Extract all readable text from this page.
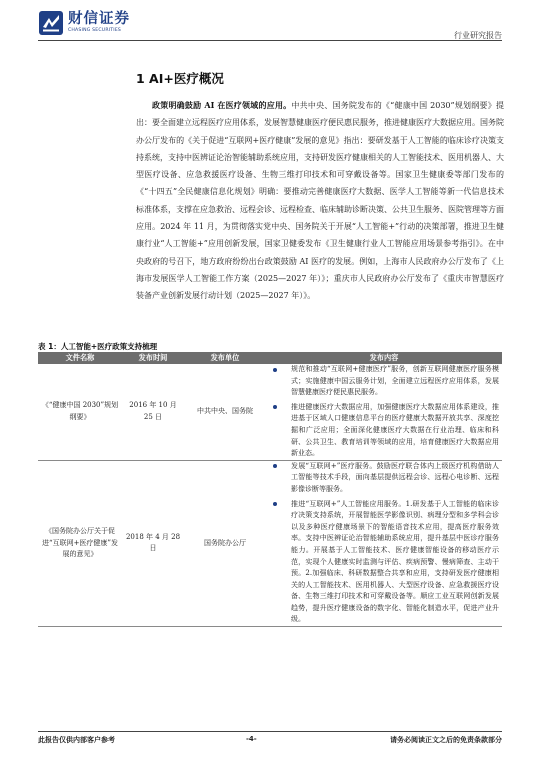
财信证券
CHASING SECURITIES
行业研究报告
1 AI+医疗概况

政策明确鼓励 AI 在医疗领域的应用。中共中央、国务院发布的《“健康中国 2030”规划纲要》提出：要全面建立远程医疗应用体系，发展智慧健康医疗便民惠民服务，推进健康医疗大数据应用。国务院办公厅发布的《关于促进“互联网+医疗健康”发展的意见》指出：要研发基于人工智能的临床诊疗决策支持系统，支持中医辨证论治智能辅助系统应用，支持研发医疗健康相关的人工智能技术、医用机器人、大型医疗设备、应急救援医疗设备、生物三维打印技术和可穿戴设备等。国家卫生健康委等部门发布的《“十四五”全民健康信息化规划》明确：要推动完善健康医疗大数据、医学人工智能等新一代信息技术标准体系，支撑在应急救治、远程会诊、远程检查、临床辅助诊断决策、公共卫生服务、医院管理等方面应用。2024 年 11 月，为贯彻落实党中央、国务院关于开展“人工智能+”行动的决策部署，推进卫生健康行业“人工智能+”应用创新发展，国家卫健委发布《卫生健康行业人工智能应用场景参考指引》。在中央政府的号召下，地方政府纷纷出台政策鼓励 AI 医疗的发展。例如，上海市人民政府办公厅发布了《上海市发展医学人工智能工作方案（2025—2027 年）》；重庆市人民政府办公厅发布了《重庆市智慧医疗装备产业创新发展行动计划（2025—2027 年）》。

表 1：人工智能+医疗政策支持梳理
文件名称	发布时间	发布单位	发布内容
《“健康中国 2030”规划纲要》	2016 年 10 月 25 日	中共中央、国务院	规范和推动“互联网+健康医疗”服务，创新互联网健康医疗服务模式；实施健康中国云服务计划，全面建立远程医疗应用体系，发展智慧健康医疗便民惠民服务。
推进健康医疗大数据应用，加强健康医疗大数据应用体系建设，推进基于区域人口健康信息平台的医疗健康大数据开放共享、深度挖掘和广泛应用；全面深化健康医疗大数据在行业治理、临床和科研、公共卫生、教育培训等领域的应用，培育健康医疗大数据应用新业态。

《国务院办公厅关于促进“互联网+医疗健康”发展的意见》	2018 年 4 月 28 日	国务院办公厅	发展“互联网+”医疗服务。鼓励医疗联合体内上级医疗机构借助人工智能等技术手段，面向基层提供远程会诊、远程心电诊断、远程影像诊断等服务。
推进“互联网+”人工智能应用服务。1.研发基于人工智能的临床诊疗决策支持系统，开展智能医学影像识别、病理分型和多学科会诊以及多种医疗健康场景下的智能语音技术应用，提高医疗服务效率。支持中医辨证论治智能辅助系统应用，提升基层中医诊疗服务能力。开展基于人工智能技术、医疗健康智能设备的移动医疗示范，实现个人健康实时监测与评估、疾病预警、慢病筛查、主动干预。2.加强临床、科研数据整合共享和应用，支持研发医疗健康相关的人工智能技术、医用机器人、大型医疗设备、应急救援医疗设备、生物三维打印技术和可穿戴设备等。顺应工业互联网创新发展趋势，提升医疗健康设备的数字化、智能化制造水平，促进产业升级。
此报告仅供内部客户参考	-4-	请务必阅读正文之后的免责条款部分
